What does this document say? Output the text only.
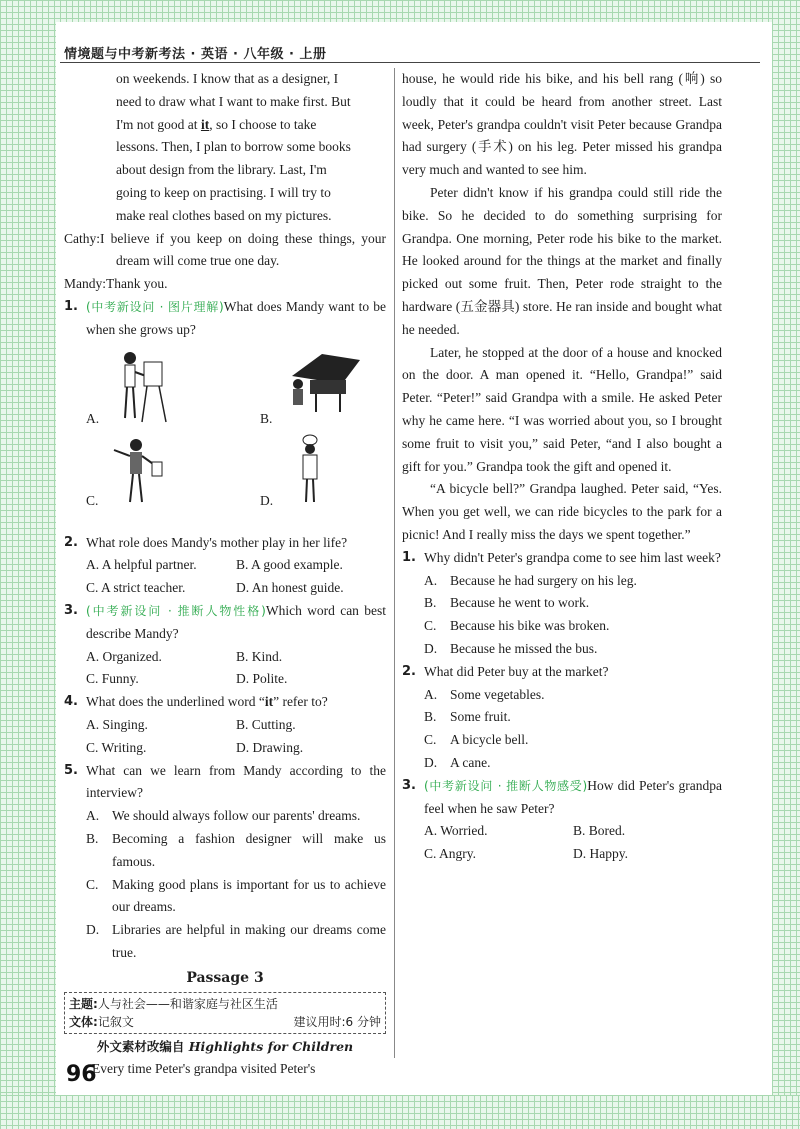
情境题与中考新考法 · 英语 · 八年级 · 上册

on weekends. I know that as a designer, I

need to draw what I want to make first. But

I'm not good at it, so I choose to take

lessons. Then, I plan to borrow some books

about design from the library. Last, I'm

going to keep on practising. I will try to

make real clothes based on my pictures.

Cathy:I believe if you keep on doing these things, your dream will come true one day.

Mandy:Thank you.

1. (中考新设问 · 图片理解)What does Mandy want to be when she grows up?
A.	B.
C.	D.
2. What role does Mandy's mother play in her life?
A. A helpful partner.	B. A good example.
C. A strict teacher.	D. An honest guide.
3. (中考新设问 · 推断人物性格)Which word can best describe Mandy?
A. Organized.	B. Kind.
C. Funny.	D. Polite.
4. What does the underlined word “it” refer to?
A. Singing.	B. Cutting.
C. Writing.	D. Drawing.
5. What can we learn from Mandy according to the interview?
A. We should always follow our parents' dreams.
B.	Becoming a fashion designer will make us famous.
C.	Making good plans is important for us to achieve our dreams.
D. Libraries are helpful in making our dreams come true.
Passage 3
主题:人与社会——和谐家庭与社区生活
文体:记叙文	建议用时:6 分钟
外文素材改编自 Highlights for Children

Every time Peter's grandpa visited Peter's

house, he would ride his bike, and his bell rang (响) so loudly that it could be heard from another street. Last week, Peter's grandpa couldn't visit Peter because Grandpa had surgery (手术) on his leg. Peter missed his grandpa very much and wanted to see him.

Peter didn't know if his grandpa could still ride the bike. So he decided to do something surprising for Grandpa. One morning, Peter rode his bike to the market. He looked around for the things at the market and finally picked out some fruit. Then, Peter rode straight to the hardware (五金器具) store. He ran inside and bought what he needed.

Later, he stopped at the door of a house and knocked on the door. A man opened it. “Hello, Grandpa!” said Peter. “Peter!” said Grandpa with a smile. He asked Peter why he came here. “I was worried about you, so I brought some fruit to visit you,” said Peter, “and I also bought a gift for you.” Grandpa took the gift and opened it.

“A bicycle bell?” Grandpa laughed. Peter said, “Yes. When you get well, we can ride bicycles to the park for a picnic! And I really miss the days we spent together.”

1. Why didn't Peter's grandpa come to see him last week?
A. Because he had surgery on his leg.
B.	Because he went to work.
C.	Because his bike was broken.
D. Because he missed the bus.
2. What did Peter buy at the market?
A. Some vegetables.
B.	Some fruit.
C.	A bicycle bell.
D. A cane.
3. (中考新设问 · 推断人物感受)How did Peter's grandpa feel when he saw Peter?
A. Worried.	B. Bored.
C. Angry.	D. Happy.
96
